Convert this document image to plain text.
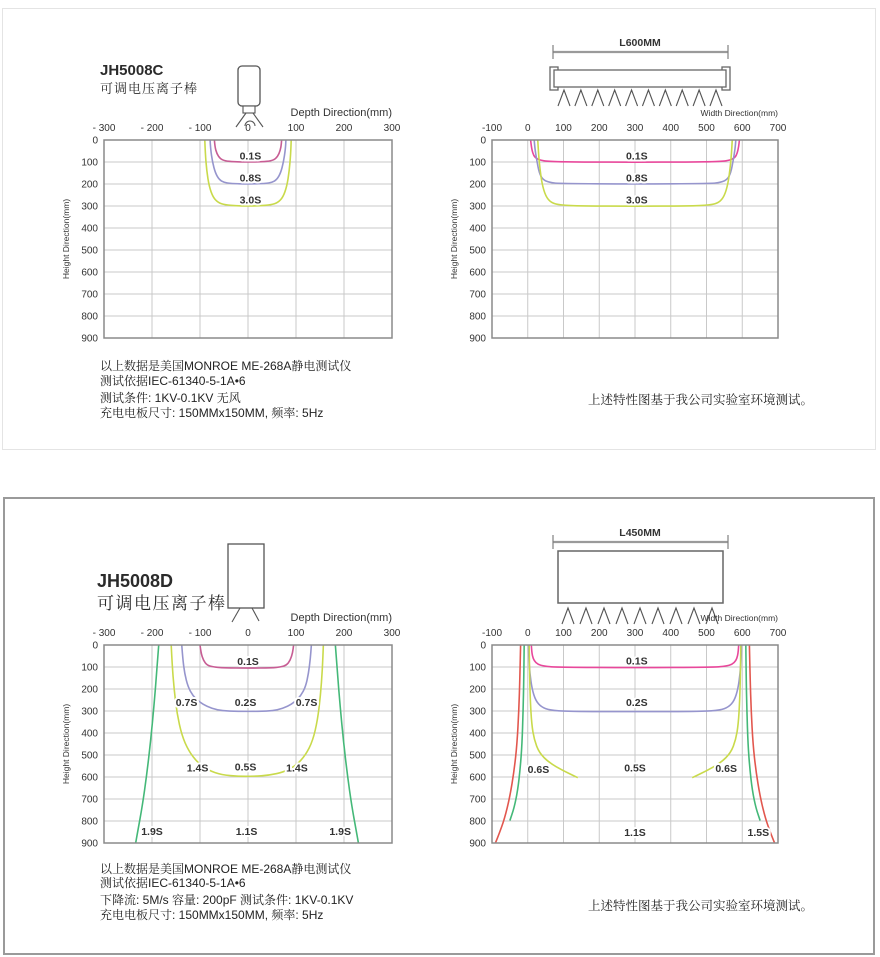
JH5008C
可调电压离子棒
- 300	- 200	- 100	0	100	200	300
0
100
200
300
400
500
600
700
800
900
Depth Direction(mm)
Height Direction(mm)
0.1S
0.8S
3.0S
L600MM
-100 0 100 200 300 400 500 600 700
0
100
200
300
400
500
600
700
800
900
Width Direction(mm)
Height Direction(mm)
0.1S
0.8S
3.0S
以上数据是美国MONROE ME-268A静电测试仪
测试依据IEC-61340-5-1A•6
测试条件: 1KV-0.1KV 无风
充电电板尺寸: 150MMx150MM, 频率: 5Hz
上述特性图基于我公司实验室环境测试。
JH5008D
可调电压离子棒
- 300	- 200	- 100	0	100	200	300
0
100
200
300
400
500
600
700
800
900
Depth Direction(mm)
Height Direction(mm)
0.1S
0.7S	0.2S	0.7S
1.4S	0.5S	1.4S
1.9S	1.1S	1.9S
L450MM
-100 0 100 200 300 400 500 600 700
0
100
200
300
400
500
600
700
800
900
Width Direction(mm)
Height Direction(mm)
0.1S
0.2S
0.6S	0.5S	0.6S
1.1S	1.5S
以上数据是美国MONROE ME-268A静电测试仪
测试依据IEC-61340-5-1A•6
下降流: 5M/s 容量: 200pF 测试条件: 1KV-0.1KV
充电电板尺寸: 150MMx150MM, 频率: 5Hz
上述特性图基于我公司实验室环境测试。
